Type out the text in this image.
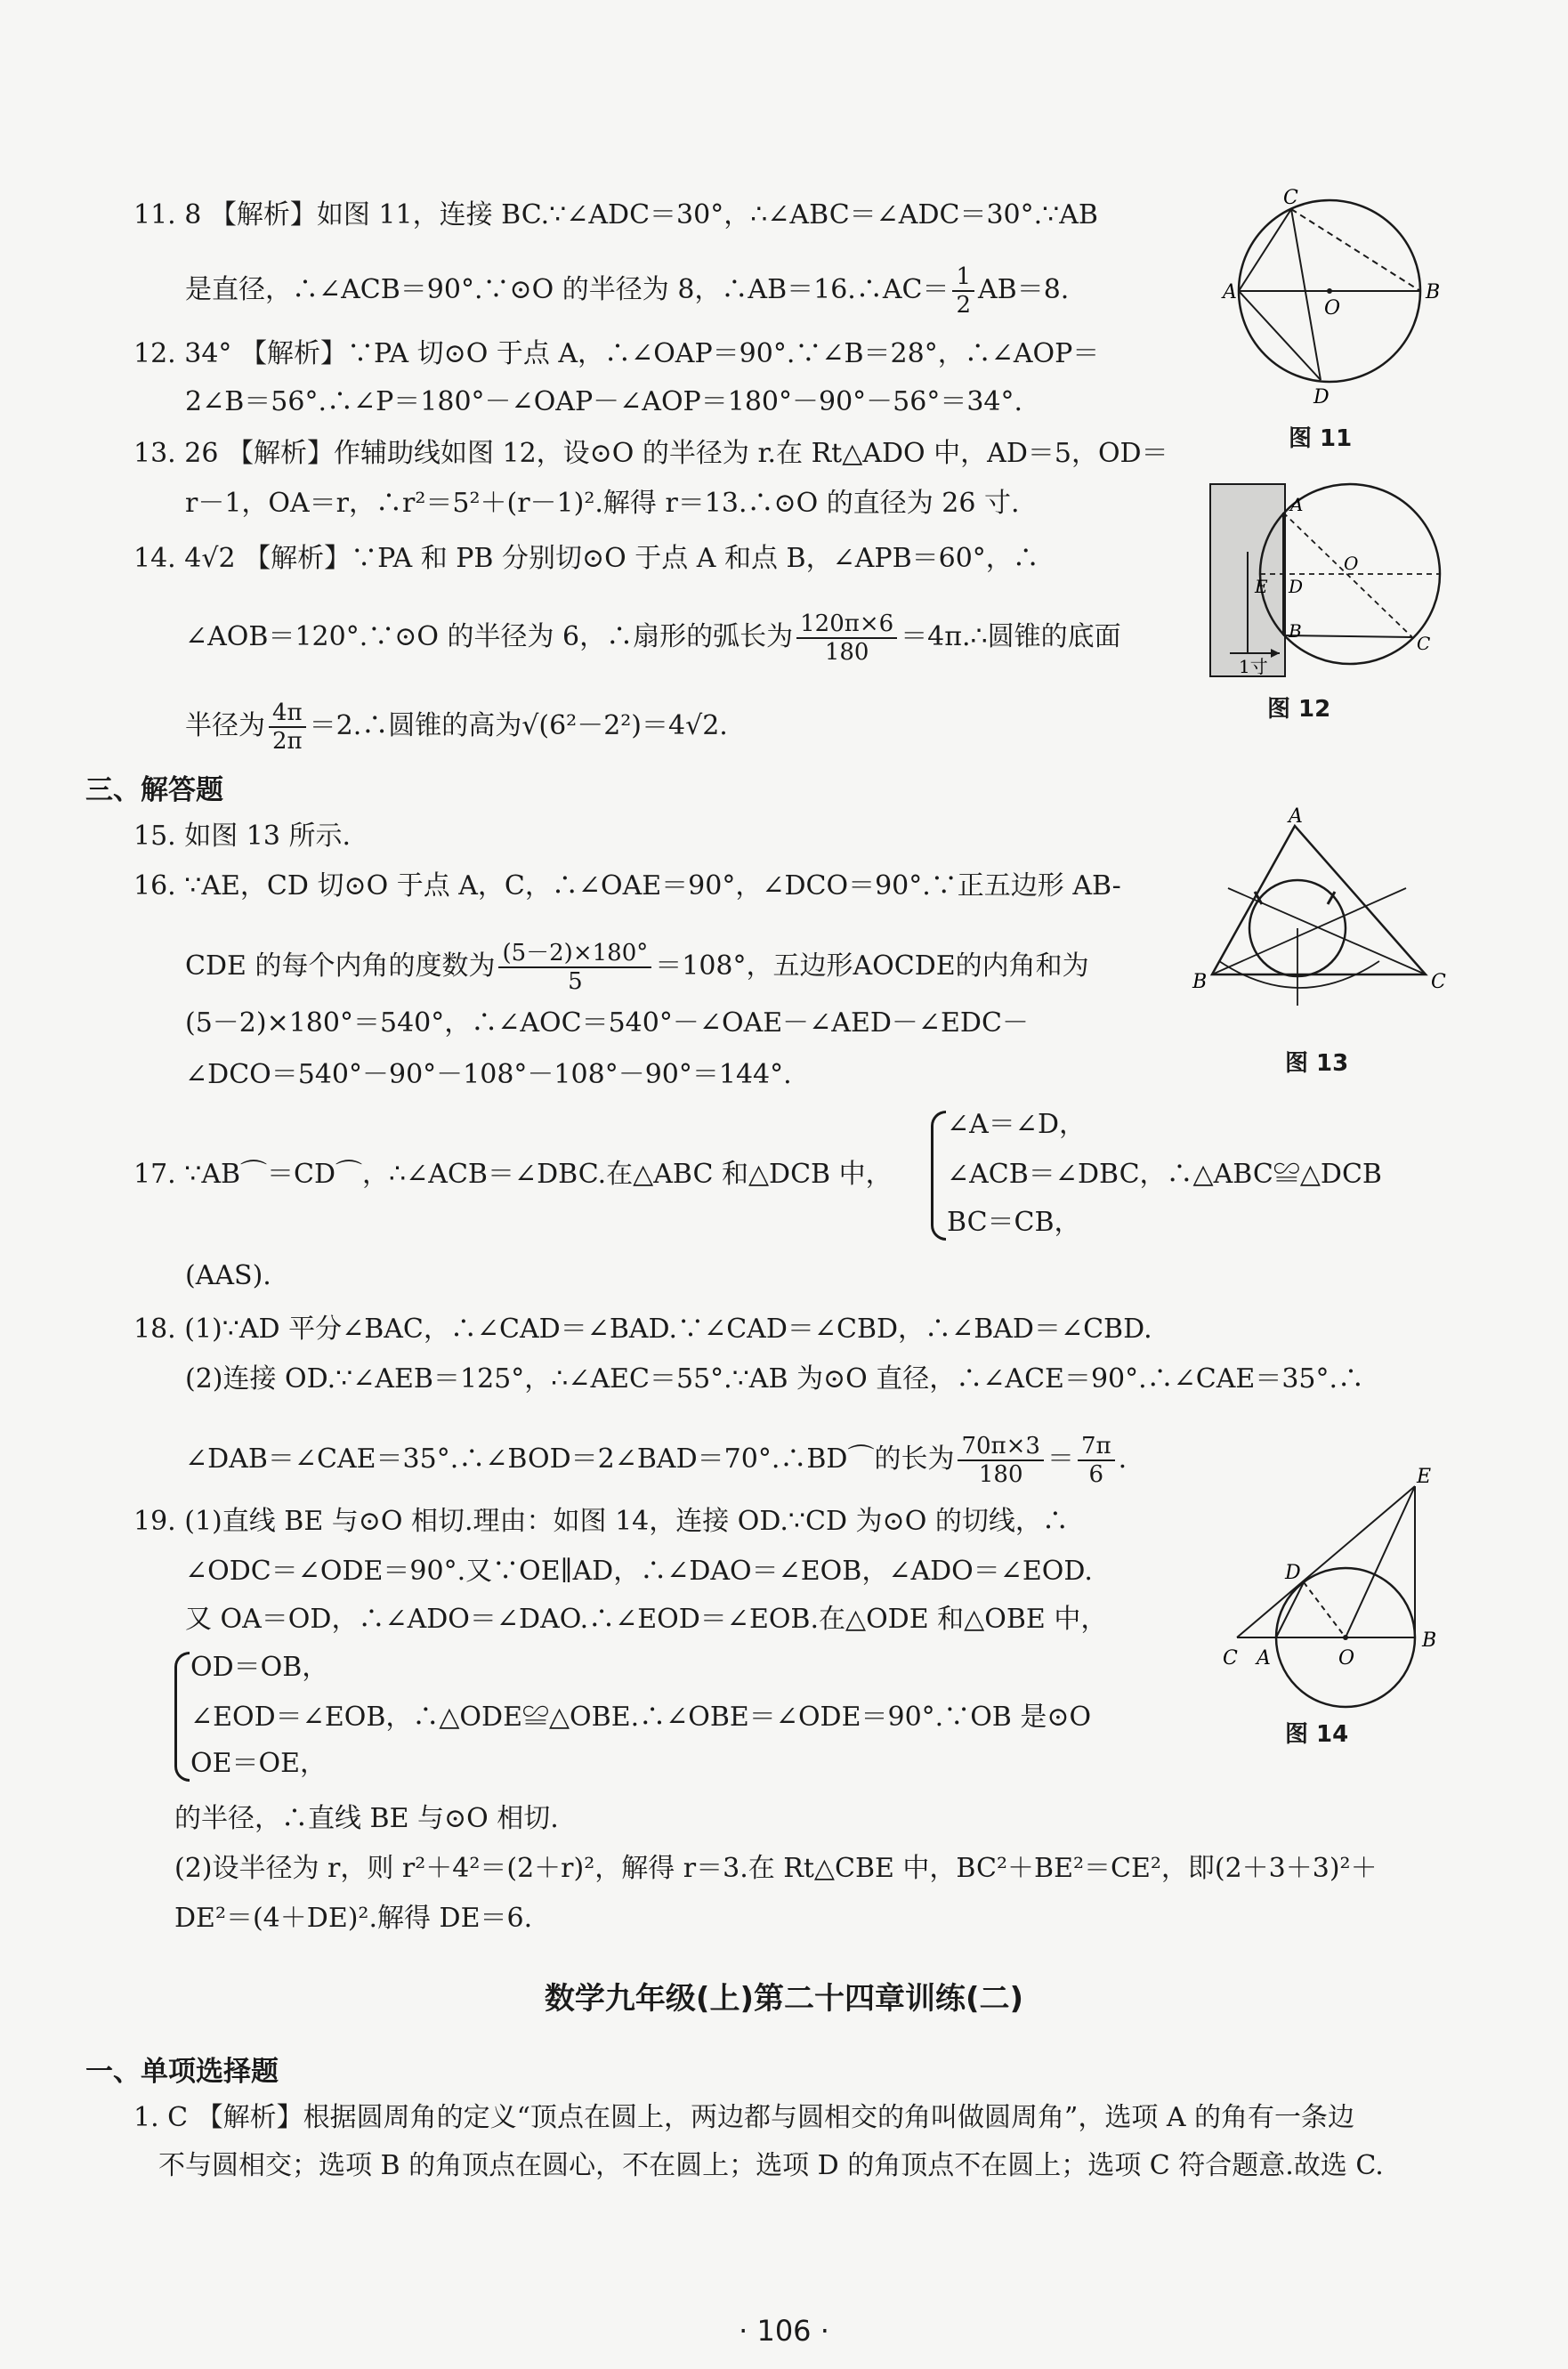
11. 8 【解析】如图 11，连接 BC.∵∠ADC＝30°，∴∠ABC＝∠ADC＝30°.∵AB
是直径，∴∠ACB＝90°.∵⊙O 的半径为 8，∴AB＝16.∴AC＝ $\frac{1}{2} AB=8$.
12. 34° 【解析】∵PA 切⊙O 于点 A，∴∠OAP＝90°.∵∠B＝28°，∴∠AOP＝
2∠B＝56°.∴∠P＝180°－∠OAP－∠AOP＝180°－90°－56°＝34°.
13. 26 【解析】作辅助线如图 12，设⊙O 的半径为 r.在 Rt△ADO 中，AD＝5，OD＝
r－1，OA＝r，∴r²＝5²＋(r－1)².解得 r＝13.∴⊙O 的直径为 26 寸.
14. 4√2 【解析】∵PA 和 PB 分别切⊙O 于点 A 和点 B，∠APB＝60°，∴
∠AOB＝120°.∵⊙O 的半径为 6，∴扇形的弧长为 $\frac{120\pi\times 6}{180}$ ＝4π.∴圆锥的底面
半径为 $\frac{4\pi}{2\pi}$ ＝2.∴圆锥的高为√(6²－2²)＝4√2.
三、解答题
15. 如图 13 所示.
16. ∵AE，CD 切⊙O 于点 A，C，∴∠OAE＝90°，∠DCO＝90°.∵正五边形 AB-
CDE 的每个内角的度数为 $\frac{(5-2)\times 180^\circ}{5} =108^\circ$，五边形AOCDE的内角和为
(5－2)×180°＝540°，∴∠AOC＝540°－∠OAE－∠AED－∠EDC－
∠DCO＝540°－90°－108°－108°－90°＝144°.
∠A＝∠D，
17. ∵AB⌒＝CD⌒，∴∠ACB＝∠DBC.在△ABC 和△DCB 中， ∠ACB＝∠DBC，∴△ABC≌△DCB
BC＝CB，
(AAS).
18. (1)∵AD 平分∠BAC，∴∠CAD＝∠BAD.∵∠CAD＝∠CBD，∴∠BAD＝∠CBD.
(2)连接 OD.∵∠AEB＝125°，∴∠AEC＝55°.∵AB 为⊙O 直径，∴∠ACE＝90°.∴∠CAE＝35°.∴
∠DAB＝∠CAE＝35°.∴∠BOD＝2∠BAD＝70°.∴BD⌒的长为 $\frac{70\pi\times 3}{180} = \frac{7\pi}{6}$ .
19. (1)直线 BE 与⊙O 相切.理由：如图 14，连接 OD.∵CD 为⊙O 的切线，∴
∠ODC＝∠ODE＝90°.又∵OE∥AD，∴∠DAO＝∠EOB，∠ADO＝∠EOD.
又 OA＝OD，∴∠ADO＝∠DAO.∴∠EOD＝∠EOB.在△ODE 和△OBE 中，
OD＝OB，
∠EOD＝∠EOB，∴△ODE≌△OBE.∴∠OBE＝∠ODE＝90°.∵OB 是⊙O
OE＝OE，
的半径，∴直线 BE 与⊙O 相切.
(2)设半径为 r，则 r²＋4²＝(2＋r)²，解得 r＝3.在 Rt△CBE 中，BC²＋BE²＝CE²，即(2＋3＋3)²＋
DE²＝(4＋DE)².解得 DE＝6.
数学九年级(上)第二十四章训练(二)
一、单项选择题
1. C 【解析】根据圆周角的定义“顶点在圆上，两边都与圆相交的角叫做圆周角”，选项 A 的角有一条边
不与圆相交；选项 B 的角顶点在圆心，不在圆上；选项 D 的角顶点不在圆上；选项 C 符合题意.故选 C.
C
A
O
B
D
图 11
A
O
E D
B
C
1寸
图 12
A
B	C
图 13
E
D
C A	O
B
图 14
· 106 ·
